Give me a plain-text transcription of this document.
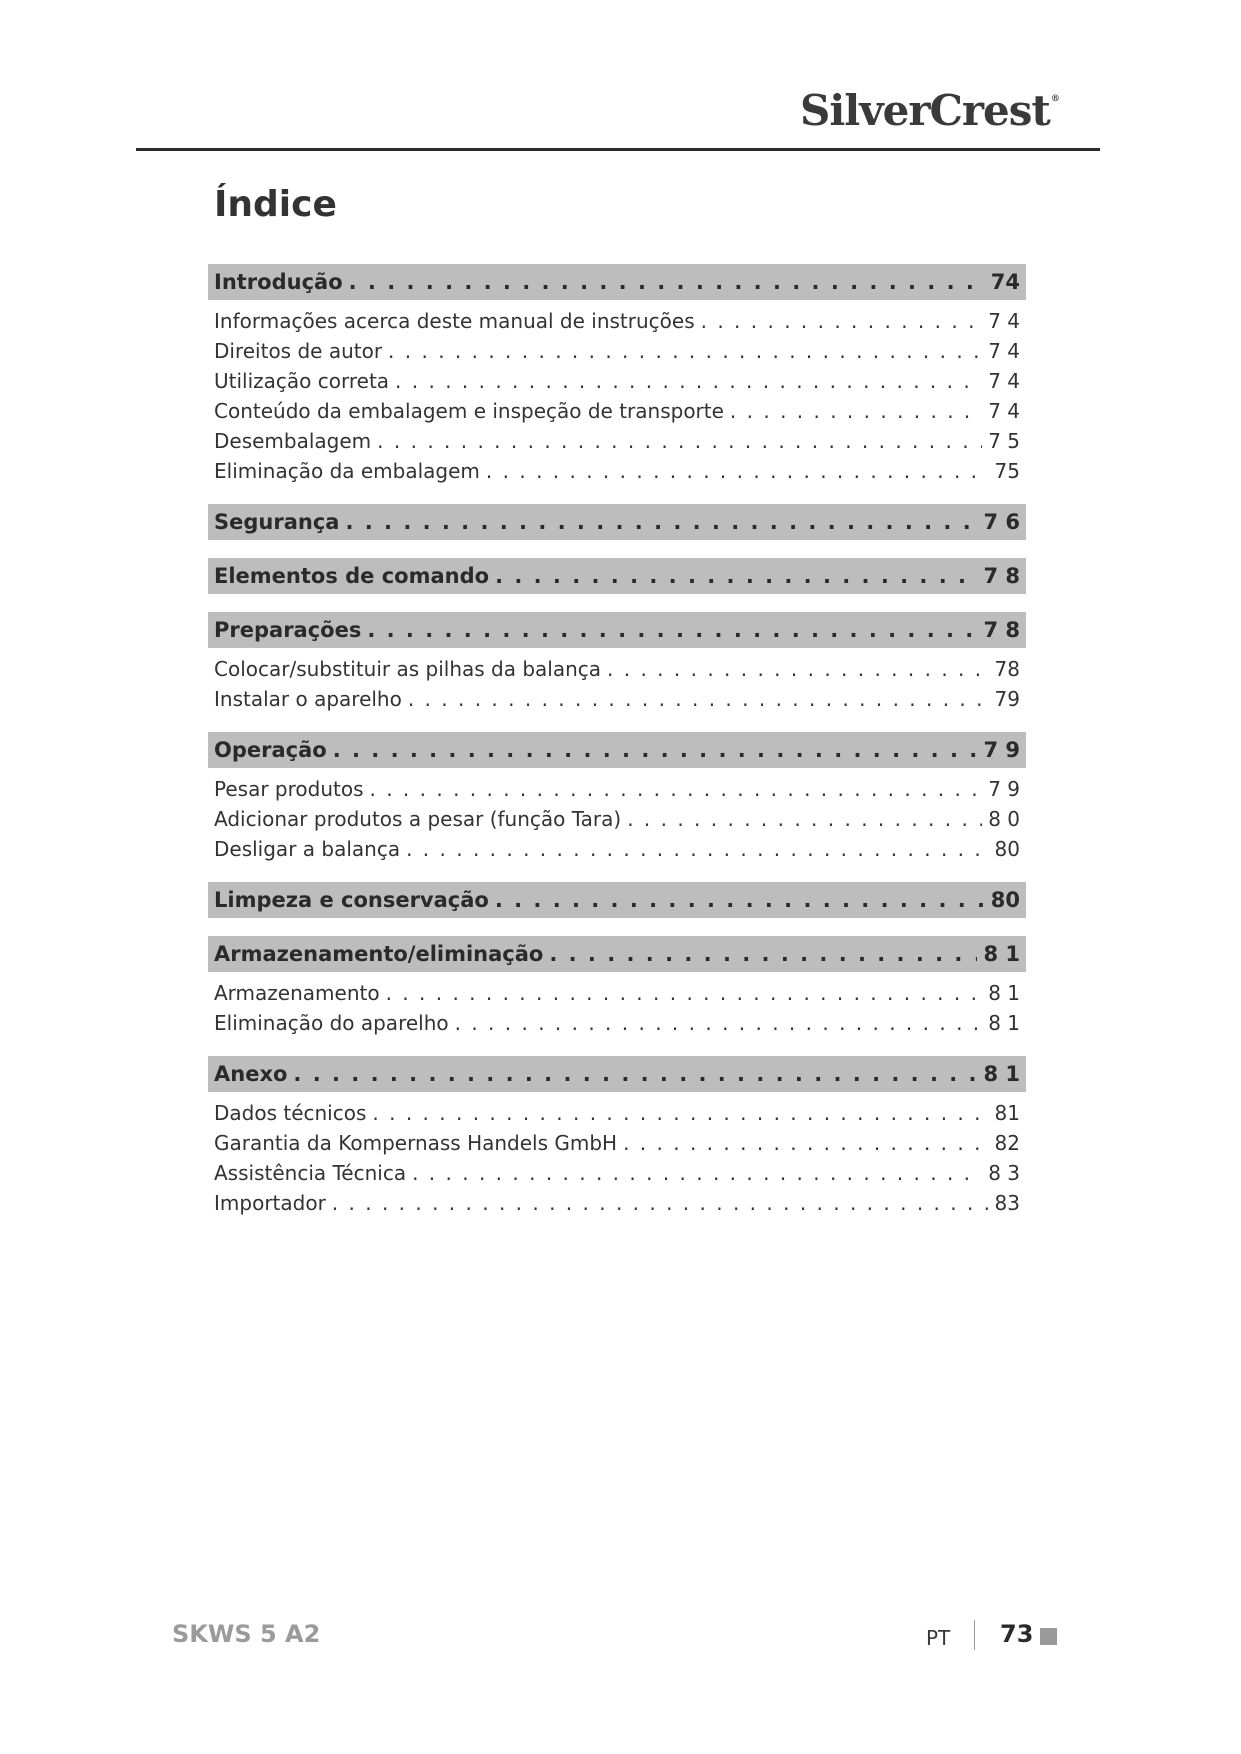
SilverCrest®
Índice
Introdução . . .	74
Informações acerca deste manual de instruções . . .	7 4
Direitos de autor . . .	7 4
Utilização correta . . .	7 4
Conteúdo da embalagem e inspeção de transporte . . .	7 4
Desembalagem . . .	7 5
Eliminação da embalagem . . .	75
Segurança . . .	7 6
Elementos de comando . . .	7 8
Preparações . . .	7 8
Colocar/substituir as pilhas da balança . . .	78
Instalar o aparelho . . .	79
Operação . . .	7 9
Pesar produtos . . .	7 9
Adicionar produtos a pesar (função Tara) . . .	8 0
Desligar a balança . . .	80
Limpeza e conservação . . .	80
Armazenamento/eliminação . . .	8 1
Armazenamento . . .	8 1
Eliminação do aparelho . . .	8 1
Anexo . . .	8 1
Dados técnicos . . .	81
Garantia da Kompernass Handels GmbH . . .	82
Assistência Técnica . . .	8 3
Importador . . .	83
SKWS 5 A2	PT 73
